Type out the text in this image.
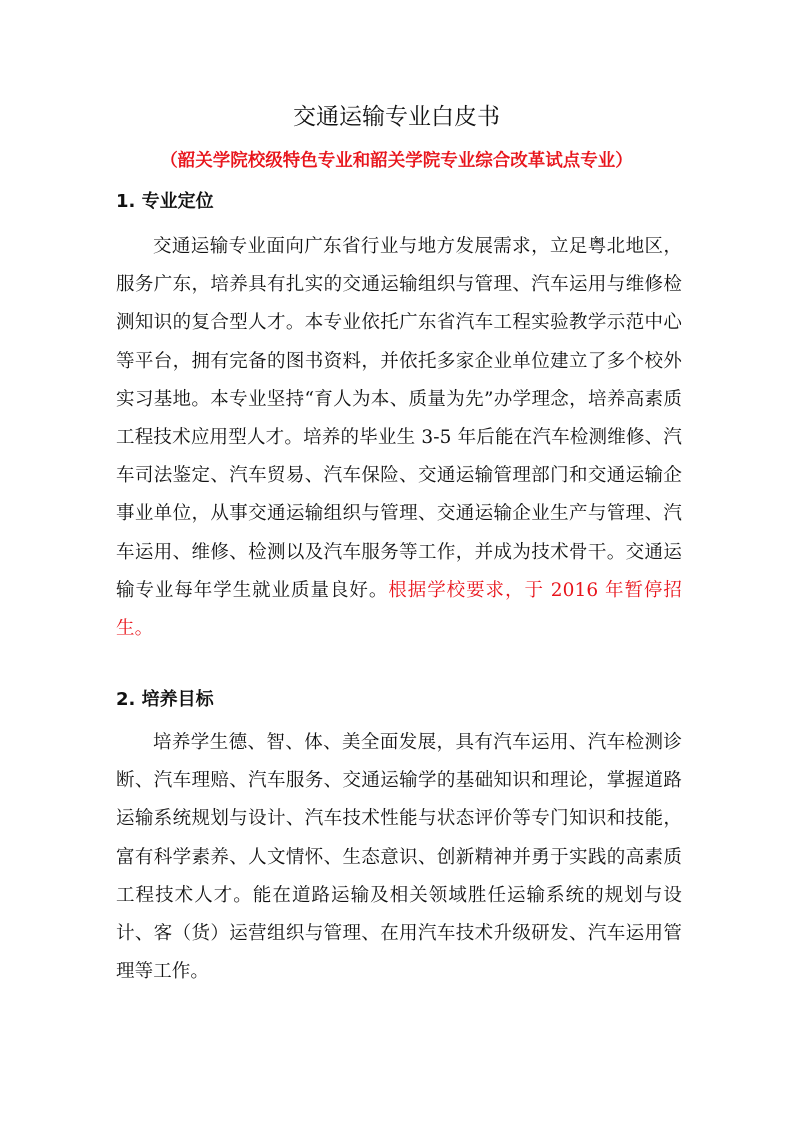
交通运输专业白皮书
（韶关学院校级特色专业和韶关学院专业综合改革试点专业）
1. 专业定位

交通运输专业面向广东省行业与地方发展需求，立足粤北地区，服务广东，培养具有扎实的交通运输组织与管理、汽车运用与维修检测知识的复合型人才。本专业依托广东省汽车工程实验教学示范中心等平台，拥有完备的图书资料，并依托多家企业单位建立了多个校外实习基地。本专业坚持“育人为本、质量为先”办学理念，培养高素质工程技术应用型人才。培养的毕业生 3-5 年后能在汽车检测维修、汽车司法鉴定、汽车贸易、汽车保险、交通运输管理部门和交通运输企事业单位，从事交通运输组织与管理、交通运输企业生产与管理、汽车运用、维修、检测以及汽车服务等工作，并成为技术骨干。交通运输专业每年学生就业质量良好。根据学校要求，于 2016 年暂停招生。

2. 培养目标

培养学生德、智、体、美全面发展，具有汽车运用、汽车检测诊断、汽车理赔、汽车服务、交通运输学的基础知识和理论，掌握道路运输系统规划与设计、汽车技术性能与状态评价等专门知识和技能，富有科学素养、人文情怀、生态意识、创新精神并勇于实践的高素质工程技术人才。能在道路运输及相关领域胜任运输系统的规划与设计、客（货）运营组织与管理、在用汽车技术升级研发、汽车运用管理等工作。
